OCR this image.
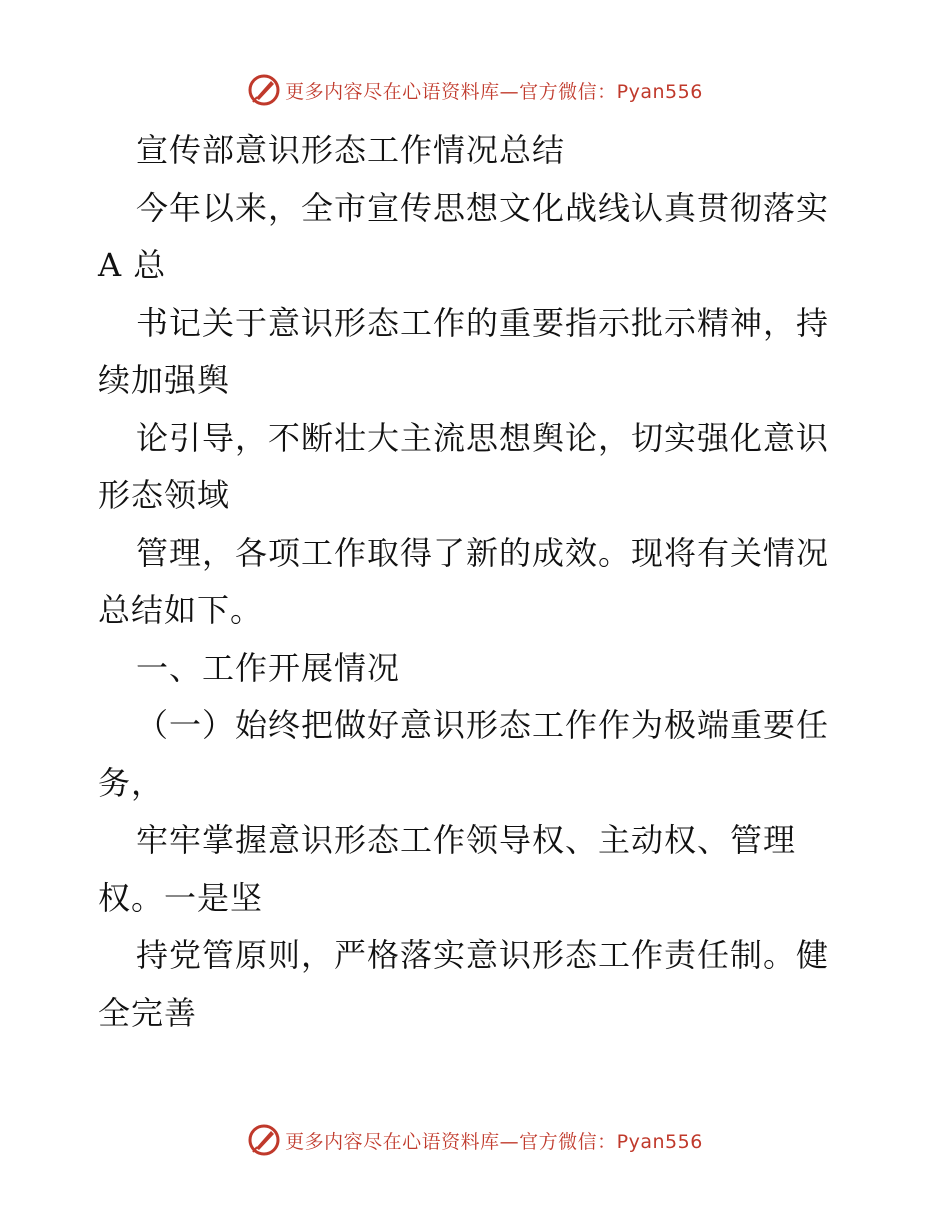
更多内容尽在心语资料库—官方微信：Pyan556
宣传部意识形态工作情况总结
今年以来，全市宣传思想文化战线认真贯彻落实
A 总
书记关于意识形态工作的重要指示批示精神，持
续加强舆
论引导，不断壮大主流思想舆论，切实强化意识
形态领域
管理，各项工作取得了新的成效。现将有关情况
总结如下。
一、工作开展情况
（一）始终把做好意识形态工作作为极端重要任
务，
牢牢掌握意识形态工作领导权、主动权、管理
权。一是坚
持党管原则，严格落实意识形态工作责任制。健
全完善
更多内容尽在心语资料库—官方微信：Pyan556
